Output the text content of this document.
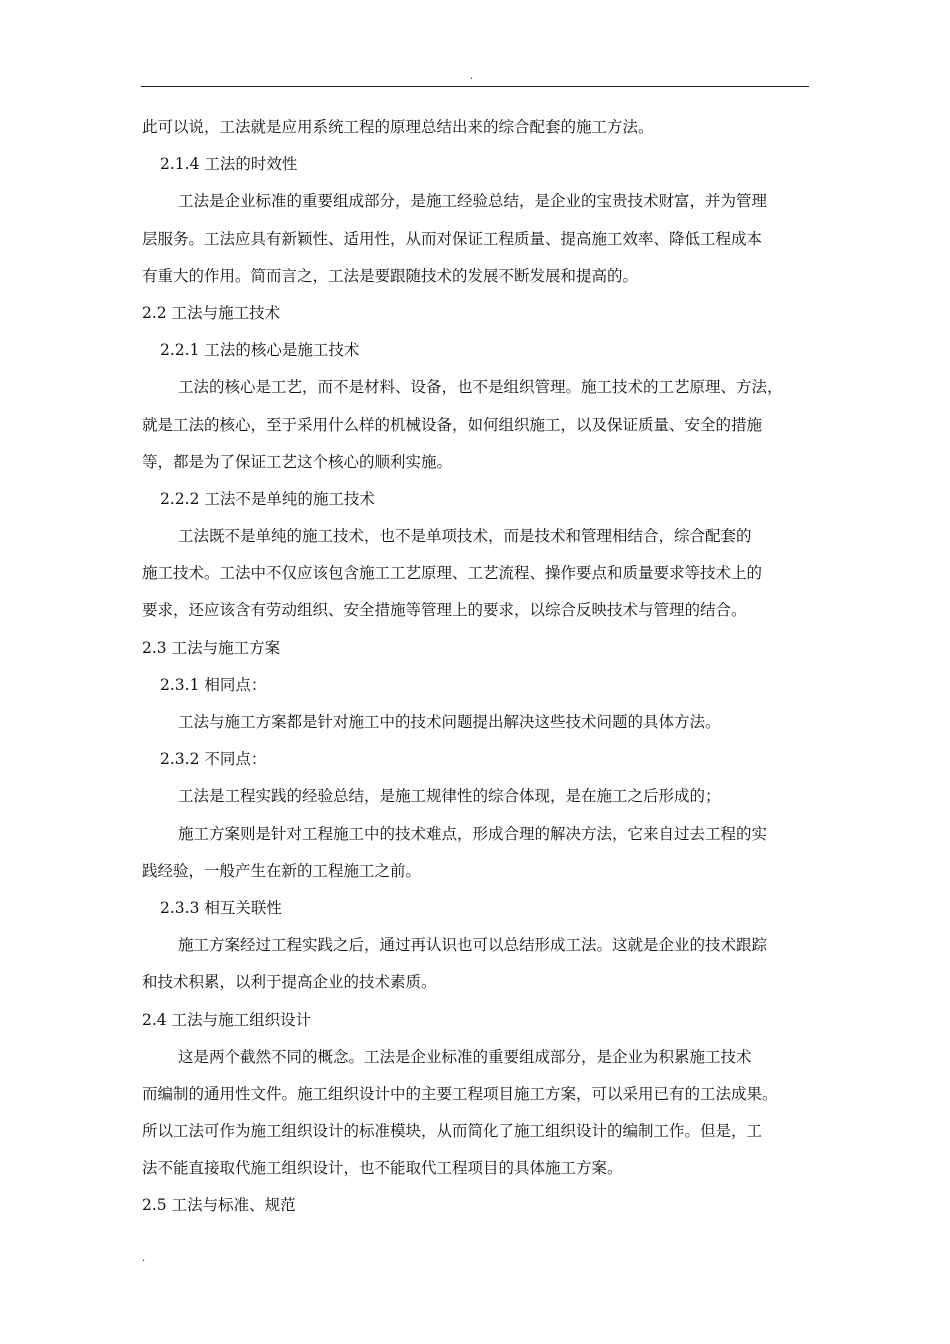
.
此可以说，工法就是应用系统工程的原理总结出来的综合配套的施工方法。
2.1.4 工法的时效性
工法是企业标准的重要组成部分，是施工经验总结，是企业的宝贵技术财富，并为管理
层服务。工法应具有新颖性、适用性，从而对保证工程质量、提高施工效率、降低工程成本
有重大的作用。简而言之，工法是要跟随技术的发展不断发展和提高的。
2.2 工法与施工技术
2.2.1 工法的核心是施工技术
工法的核心是工艺，而不是材料、设备，也不是组织管理。施工技术的工艺原理、方法，
就是工法的核心，至于采用什么样的机械设备，如何组织施工，以及保证质量、安全的措施
等，都是为了保证工艺这个核心的顺利实施。
2.2.2 工法不是单纯的施工技术
工法既不是单纯的施工技术，也不是单项技术，而是技术和管理相结合，综合配套的
施工技术。工法中不仅应该包含施工工艺原理、工艺流程、操作要点和质量要求等技术上的
要求，还应该含有劳动组织、安全措施等管理上的要求，以综合反映技术与管理的结合。
2.3 工法与施工方案
2.3.1 相同点：
工法与施工方案都是针对施工中的技术问题提出解决这些技术问题的具体方法。
2.3.2 不同点：
工法是工程实践的经验总结，是施工规律性的综合体现，是在施工之后形成的；
施工方案则是针对工程施工中的技术难点，形成合理的解决方法，它来自过去工程的实
践经验，一般产生在新的工程施工之前。
2.3.3 相互关联性
施工方案经过工程实践之后，通过再认识也可以总结形成工法。这就是企业的技术跟踪
和技术积累，以利于提高企业的技术素质。
2.4 工法与施工组织设计
这是两个截然不同的概念。工法是企业标准的重要组成部分，是企业为积累施工技术
而编制的通用性文件。施工组织设计中的主要工程项目施工方案，可以采用已有的工法成果。
所以工法可作为施工组织设计的标准模块，从而简化了施工组织设计的编制工作。但是，工
法不能直接取代施工组织设计，也不能取代工程项目的具体施工方案。
2.5 工法与标准、规范
.
